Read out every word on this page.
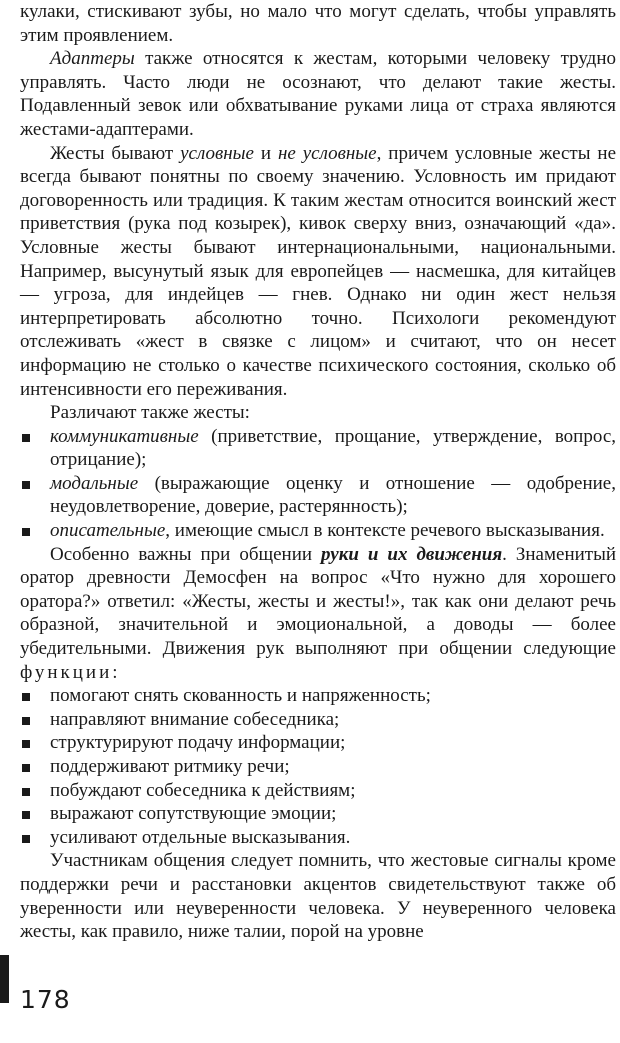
кулаки, стискивают зубы, но мало что могут сделать, чтобы управлять этим проявлением.

Адаптеры также относятся к жестам, которыми человеку трудно управлять. Часто люди не осознают, что делают такие жесты. Подавленный зевок или обхватывание руками лица от страха являются жестами-адаптерами.

Жесты бывают условные и не условные, причем условные жесты не всегда бывают понятны по своему значению. Условность им придают договоренность или традиция. К таким жестам относится воинский жест приветствия (рука под козырек), кивок сверху вниз, означающий «да». Условные жесты бывают интернациональными, национальными. Например, высунутый язык для европейцев — насмешка, для китайцев — угроза, для индейцев — гнев. Однако ни один жест нельзя интерпретировать абсолютно точно. Психологи рекомендуют отслеживать «жест в связке с лицом» и считают, что он несет информацию не столько о качестве психического состояния, сколько об интенсивности его переживания.

Различают также жесты:

коммуникативные (приветствие, прощание, утверждение, вопрос, отрицание);
модальные (выражающие оценку и отношение — одобрение, неудовлетворение, доверие, растерянность);
описательные, имеющие смысл в контексте речевого высказывания.

Особенно важны при общении руки и их движения. Знаменитый оратор древности Демосфен на вопрос «Что нужно для хорошего оратора?» ответил: «Жесты, жесты и жесты!», так как они делают речь образной, значительной и эмоциональной, а доводы — более убедительными. Движения рук выполняют при общении следующие функции:

помогают снять скованность и напряженность;
направляют внимание собеседника;
структурируют подачу информации;
поддерживают ритмику речи;
побуждают собеседника к действиям;
выражают сопутствующие эмоции;
усиливают отдельные высказывания.

Участникам общения следует помнить, что жестовые сигналы кроме поддержки речи и расстановки акцентов свидетельствуют также об уверенности или неуверенности человека. У неуверенного человека жесты, как правило, ниже талии, порой на уровне

178
